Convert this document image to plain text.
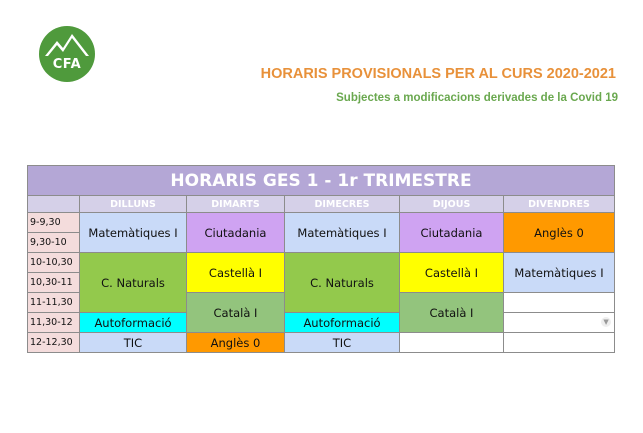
CFA
HORARIS PROVISIONALS PER AL CURS 2020-2021
Subjectes a modificacions derivades de la Covid 19
HORARIS GES 1 - 1r TRIMESTRE					
	DILLUNS	DIMARTS	DIMECRES	DIJOUS	DIVENDRES
9-9,30	Matemàtiques I	Ciutadania	Matemàtiques I	Ciutadania	Anglès 0
9,30-10					
10-10,30	C. Naturals	Castellà I	C. Naturals	Castellà I	Matemàtiques I
10,30-11					
11-11,30		Català I		Català I	
11,30-12	Autoformació		Autoformació		▼

12-12,30	TIC	Anglès 0	TIC		
